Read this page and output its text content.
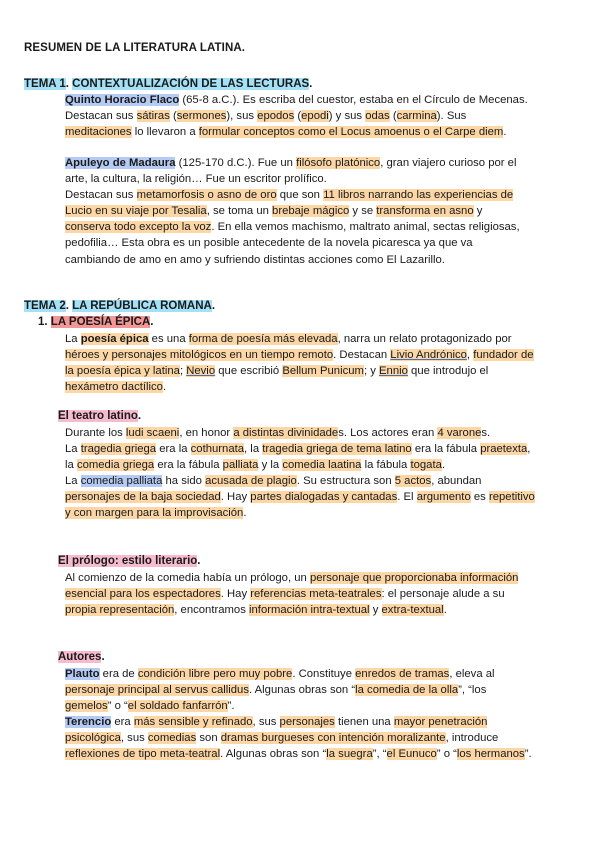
RESUMEN DE LA LITERATURA LATINA.
TEMA 1. CONTEXTUALIZACIÓN DE LAS LECTURAS.
Quinto Horacio Flaco (65-8 a.C.). Es escriba del cuestor, estaba en el Círculo de Mecenas. Destacan sus sátiras (sermones), sus epodos (epodi) y sus odas (carmina). Sus meditaciones lo llevaron a formular conceptos como el Locus amoenus o el Carpe diem.
Apuleyo de Madaura (125-170 d.C.). Fue un filósofo platónico, gran viajero curioso por el arte, la cultura, la religión… Fue un escritor prolífico.
Destacan sus metamorfosis o asno de oro que son 11 libros narrando las experiencias de Lucio en su viaje por Tesalia, se toma un brebaje mágico y se transforma en asno y conserva todo excepto la voz. En ella vemos machismo, maltrato animal, sectas religiosas, pedofilia… Esta obra es un posible antecedente de la novela picaresca ya que va cambiando de amo en amo y sufriendo distintas acciones como El Lazarillo.
TEMA 2. LA REPÚBLICA ROMANA.
1. LA POESÍA ÉPICA.
La poesía épica es una forma de poesía más elevada, narra un relato protagonizado por héroes y personajes mitológicos en un tiempo remoto. Destacan Livio Andrónico, fundador de la poesía épica y latina; Nevio que escribió Bellum Punicum; y Ennio que introdujo el hexámetro dactílico.
El teatro latino.
Durante los ludi scaeni, en honor a distintas divinidades. Los actores eran 4 varones.
La tragedia griega era la cothurnata, la tragedia griega de tema latino era la fábula praetexta, la comedia griega era la fábula palliata y la comedia laatina la fábula togata.
La comedia palliata ha sido acusada de plagio. Su estructura son 5 actos, abundan personajes de la baja sociedad. Hay partes dialogadas y cantadas. El argumento es repetitivo y con margen para la improvisación.
El prólogo: estilo literario.
Al comienzo de la comedia había un prólogo, un personaje que proporcionaba información esencial para los espectadores. Hay referencias meta-teatrales: el personaje alude a su propia representación, encontramos información intra-textual y extra-textual.
Autores.
Plauto era de condición libre pero muy pobre. Constituye enredos de tramas, eleva al personaje principal al servus callidus. Algunas obras son “la comedia de la olla”, “los gemelos” o “el soldado fanfarrón”.
Terencio era más sensible y refinado, sus personajes tienen una mayor penetración psicológica, sus comedias son dramas burgueses con intención moralizante, introduce reflexiones de tipo meta-teatral. Algunas obras son “la suegra”, “el Eunuco” o “los hermanos”.
